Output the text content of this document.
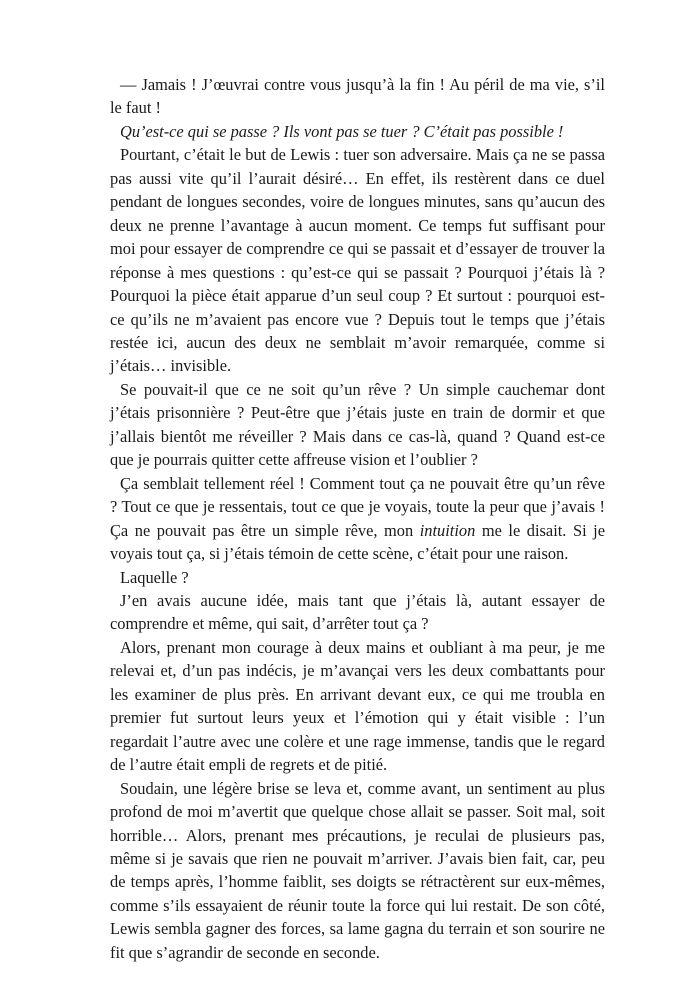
— Jamais ! J’œuvrai contre vous jusqu’à la fin ! Au péril de ma vie, s’il le faut !

Qu’est-ce qui se passe ? Ils vont pas se tuer ? C’était pas possible !

Pourtant, c’était le but de Lewis : tuer son adversaire. Mais ça ne se passa pas aussi vite qu’il l’aurait désiré… En effet, ils restèrent dans ce duel pendant de longues secondes, voire de longues minutes, sans qu’aucun des deux ne prenne l’avantage à aucun moment. Ce temps fut suffisant pour moi pour essayer de comprendre ce qui se passait et d’essayer de trouver la réponse à mes questions : qu’est-ce qui se passait ? Pourquoi j’étais là ? Pourquoi la pièce était apparue d’un seul coup ? Et surtout : pourquoi est-ce qu’ils ne m’avaient pas encore vue ? Depuis tout le temps que j’étais restée ici, aucun des deux ne semblait m’avoir remarquée, comme si j’étais… invisible.

Se pouvait-il que ce ne soit qu’un rêve ? Un simple cauchemar dont j’étais prisonnière ? Peut-être que j’étais juste en train de dormir et que j’allais bientôt me réveiller ? Mais dans ce cas-là, quand ? Quand est-ce que je pourrais quitter cette affreuse vision et l’oublier ?

Ça semblait tellement réel ! Comment tout ça ne pouvait être qu’un rêve ? Tout ce que je ressentais, tout ce que je voyais, toute la peur que j’avais ! Ça ne pouvait pas être un simple rêve, mon intuition me le disait. Si je voyais tout ça, si j’étais témoin de cette scène, c’était pour une raison.

Laquelle ?

J’en avais aucune idée, mais tant que j’étais là, autant essayer de comprendre et même, qui sait, d’arrêter tout ça ?

Alors, prenant mon courage à deux mains et oubliant à ma peur, je me relevai et, d’un pas indécis, je m’avançai vers les deux combattants pour les examiner de plus près. En arrivant devant eux, ce qui me troubla en premier fut surtout leurs yeux et l’émotion qui y était visible : l’un regardait l’autre avec une colère et une rage immense, tandis que le regard de l’autre était empli de regrets et de pitié.

Soudain, une légère brise se leva et, comme avant, un sentiment au plus profond de moi m’avertit que quelque chose allait se passer. Soit mal, soit horrible… Alors, prenant mes précautions, je reculai de plusieurs pas, même si je savais que rien ne pouvait m’arriver. J’avais bien fait, car, peu de temps après, l’homme faiblit, ses doigts se rétractèrent sur eux-mêmes, comme s’ils essayaient de réunir toute la force qui lui restait. De son côté, Lewis sembla gagner des forces, sa lame gagna du terrain et son sourire ne fit que s’agrandir de seconde en seconde.
